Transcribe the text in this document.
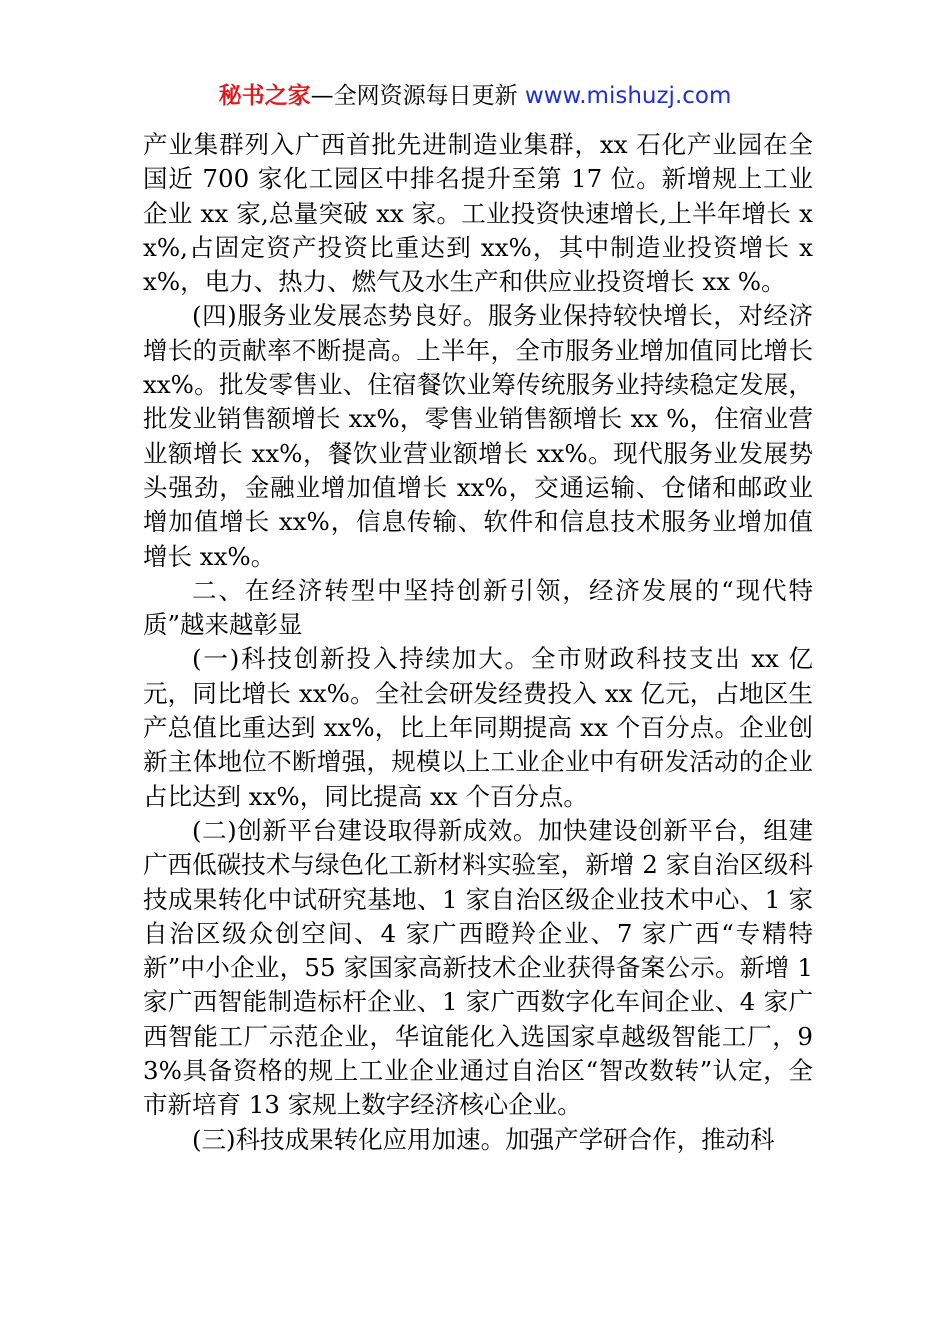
秘书之家—全网资源每日更新 www.mishuzj.com

产业集群列入广西首批先进制造业集群，xx 石化产业园在全国近 700 家化工园区中排名提升至第 17 位。新增规上工业企业 xx 家,总量突破 xx 家。工业投资快速增长,上半年增长 xx%,占固定资产投资比重达到 xx%，其中制造业投资增长 xx%，电力、热力、燃气及水生产和供应业投资增长 xx %。

(四)服务业发展态势良好。服务业保持较快增长，对经济增长的贡献率不断提高。上半年，全市服务业增加值同比增长 xx%。批发零售业、住宿餐饮业筹传统服务业持续稳定发展，批发业销售额增长 xx%，零售业销售额增长 xx %，住宿业营业额增长 xx%，餐饮业营业额增长 xx%。现代服务业发展势头强劲，金融业增加值增长 xx%，交通运输、仓储和邮政业增加值增长 xx%，信息传输、软件和信息技术服务业增加值增长 xx%。

二、在经济转型中坚持创新引领，经济发展的“现代特质”越来越彰显

(一)科技创新投入持续加大。全市财政科技支出 xx 亿元，同比增长 xx%。全社会研发经费投入 xx 亿元，占地区生产总值比重达到 xx%，比上年同期提高 xx 个百分点。企业创新主体地位不断增强，规模以上工业企业中有研发活动的企业占比达到 xx%，同比提高 xx 个百分点。

(二)创新平台建设取得新成效。加快建设创新平台，组建广西低碳技术与绿色化工新材料实验室，新增 2 家自治区级科技成果转化中试研究基地、1 家自治区级企业技术中心、1 家自治区级众创空间、4 家广西瞪羚企业、7 家广西“专精特新”中小企业，55 家国家高新技术企业获得备案公示。新增 1 家广西智能制造标杆企业、1 家广西数字化车间企业、4 家广西智能工厂示范企业，华谊能化入选国家卓越级智能工厂，93%具备资格的规上工业企业通过自治区“智改数转”认定，全市新培育 13 家规上数字经济核心企业。

(三)科技成果转化应用加速。加强产学研合作，推动科
